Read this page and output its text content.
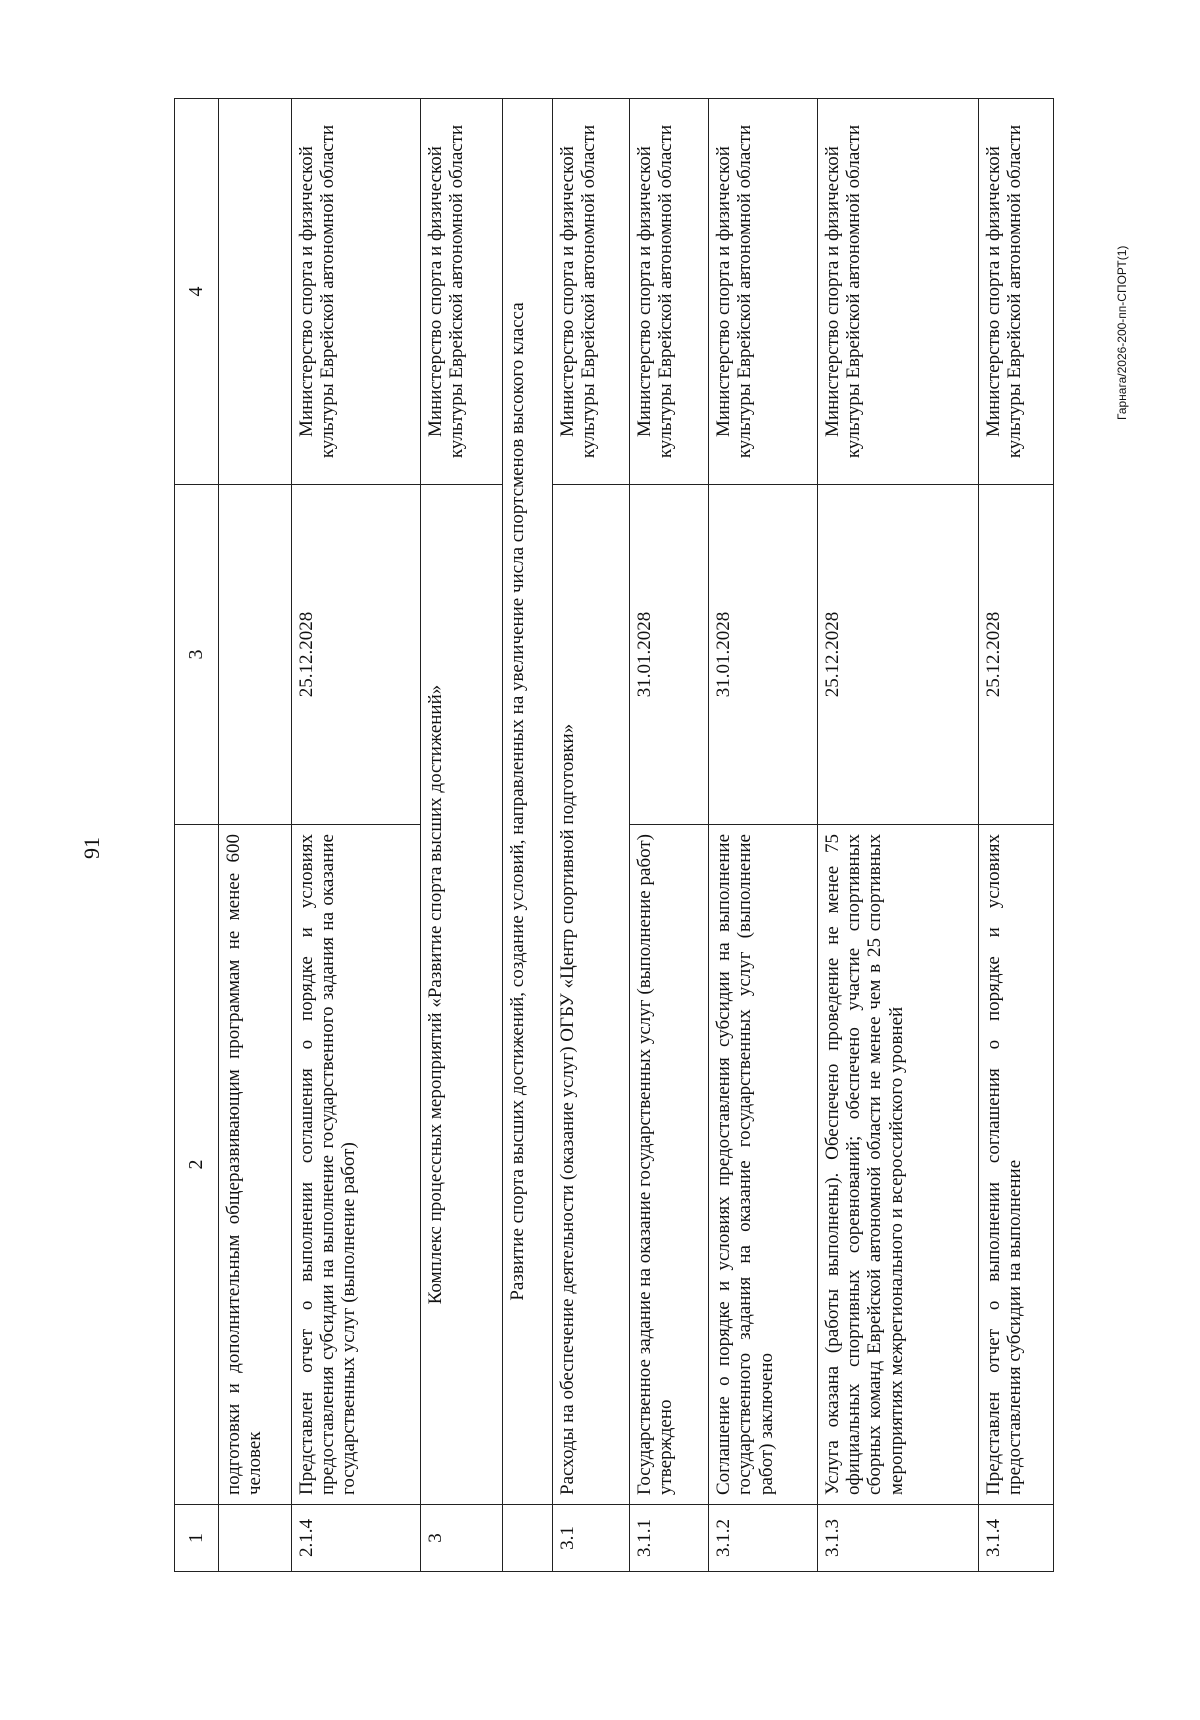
91
Гарнага/2026-200-пп-СПОРТ(1)
1	2	3	4
	подготовки и дополнительным общеразвивающим программам не менее 600 человек		
2.1.4	Представлен отчет о выполнении соглашения о порядке и условиях предоставления субсидии на выполнение государственного задания на оказание государственных услуг (выполнение работ)	25.12.2028	Министерство спорта и физической культуры Еврейской автономной области
3	Комплекс процессных мероприятий «Развитие спорта высших достижений»		Министерство спорта и физической культуры Еврейской автономной области
	Развитие спорта высших достижений, создание условий, направленных на увеличение числа спортсменов высокого класса		
3.1	Расходы на обеспечение деятельности (оказание услуг) ОГБУ «Центр спортивной подготовки»		Министерство спорта и физической культуры Еврейской автономной области
3.1.1	Государственное задание на оказание государственных услуг (выполнение работ) утверждено	31.01.2028	Министерство спорта и физической культуры Еврейской автономной области
3.1.2	Соглашение о порядке и условиях предоставления субсидии на выполнение государственного задания на оказание государственных услуг (выполнение работ) заключено	31.01.2028	Министерство спорта и физической культуры Еврейской автономной области
3.1.3	Услуга оказана (работы выполнены). Обеспечено проведение не менее 75 официальных спортивных соревнований; обеспечено участие спортивных сборных команд Еврейской автономной области не менее чем в 25 спортивных мероприятиях межрегионального и всероссийского уровней	25.12.2028	Министерство спорта и физической культуры Еврейской автономной области
3.1.4	Представлен отчет о выполнении соглашения о порядке и условиях предоставления субсидии на выполнение	25.12.2028	Министерство спорта и физической культуры Еврейской автономной области
